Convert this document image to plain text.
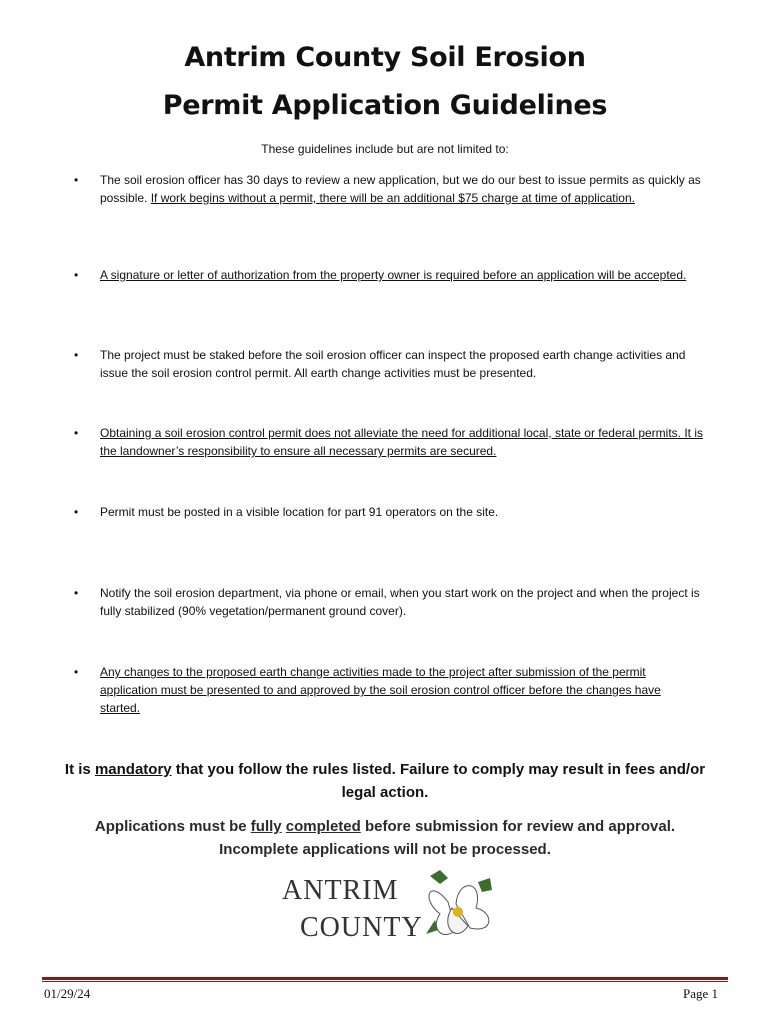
Antrim County Soil Erosion
Permit Application Guidelines
These guidelines include but are not limited to:
• The soil erosion officer has 30 days to review a new application, but we do our best to issue permits as quickly as possible. If work begins without a permit, there will be an additional $75 charge at time of application.
• A signature or letter of authorization from the property owner is required before an application will be accepted.
• The project must be staked before the soil erosion officer can inspect the proposed earth change activities and issue the soil erosion control permit. All earth change activities must be presented.
• Obtaining a soil erosion control permit does not alleviate the need for additional local, state or federal permits. It is the landowner’s responsibility to ensure all necessary permits are secured.
• Permit must be posted in a visible location for part 91 operators on the site.
• Notify the soil erosion department, via phone or email, when you start work on the project and when the project is fully stabilized (90% vegetation/permanent ground cover).
• Any changes to the proposed earth change activities made to the project after submission of the permit application must be presented to and approved by the soil erosion control officer before the changes have started.
It is mandatory that you follow the rules listed. Failure to comply may result in fees and/or legal action.
Applications must be fully completed before submission for review and approval. Incomplete applications will not be processed.
ANTRIM
COUNTY
01/29/24	Page 1
